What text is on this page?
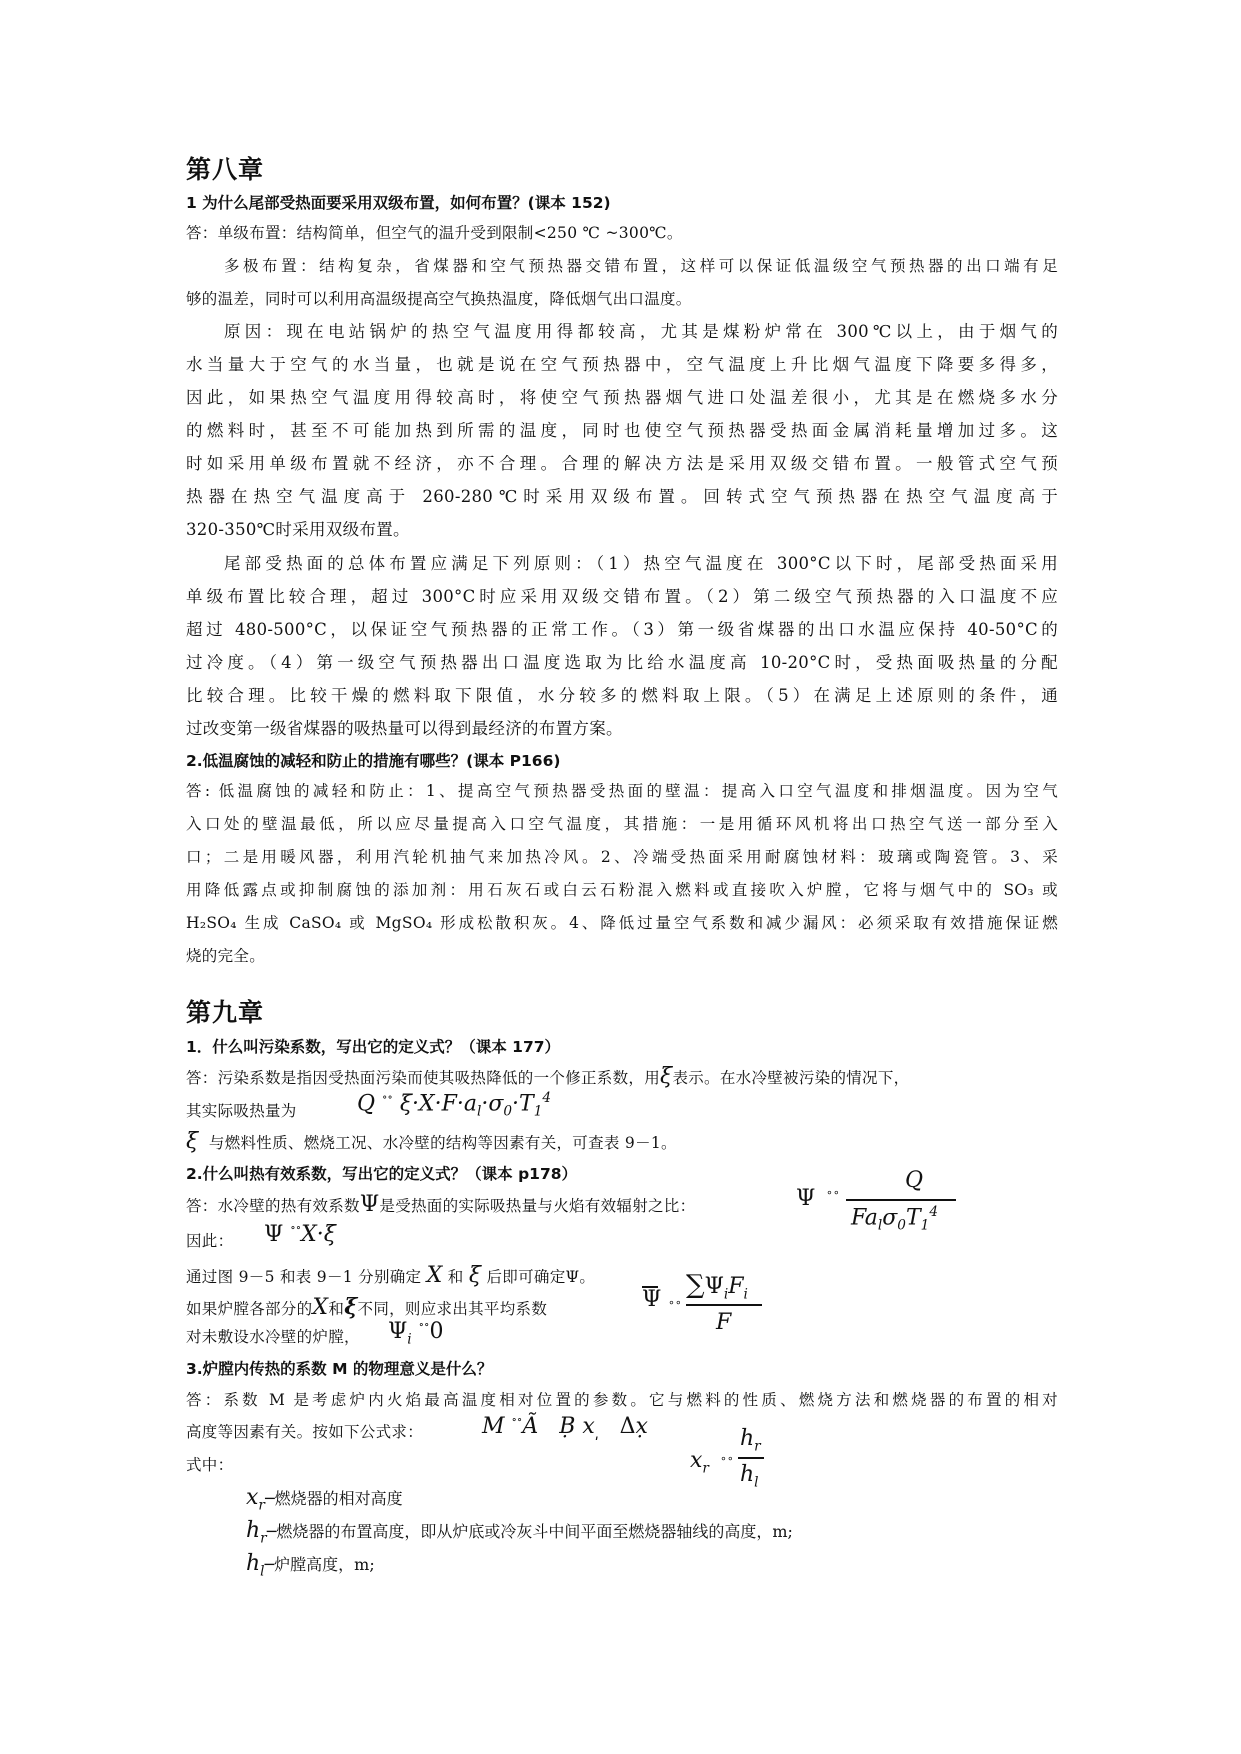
第八章
1 为什么尾部受热面要采用双级布置，如何布置？(课本 152)
答：单级布置：结构简单，但空气的温升受到限制<250 ℃ ~300℃。
多极布置：结构复杂，省煤器和空气预热器交错布置，这样可以保证低温级空气预热器的出口端有足
够的温差，同时可以利用高温级提高空气换热温度，降低烟气出口温度。
原因：现在电站锅炉的热空气温度用得都较高，尤其是煤粉炉常在 300℃以上，由于烟气的
水当量大于空气的水当量，也就是说在空气预热器中，空气温度上升比烟气温度下降要多得多，
因此，如果热空气温度用得较高时，将使空气预热器烟气进口处温差很小，尤其是在燃烧多水分
的燃料时，甚至不可能加热到所需的温度，同时也使空气预热器受热面金属消耗量增加过多。这
时如采用单级布置就不经济，亦不合理。合理的解决方法是采用双级交错布置。一般管式空气预
热器在热空气温度高于 260-280℃时采用双级布置。回转式空气预热器在热空气温度高于
320-350℃时采用双级布置。
尾部受热面的总体布置应满足下列原则：（1）热空气温度在 300°C以下时，尾部受热面采用
单级布置比较合理，超过 300°C时应采用双级交错布置。（2）第二级空气预热器的入口温度不应
超过 480-500°C，以保证空气预热器的正常工作。（3）第一级省煤器的出口水温应保持 40-50°C的
过冷度。（4）第一级空气预热器出口温度选取为比给水温度高 10-20°C时，受热面吸热量的分配
比较合理。比较干燥的燃料取下限值，水分较多的燃料取上限。（5）在满足上述原则的条件，通
过改变第一级省煤器的吸热量可以得到最经济的布置方案。
2.低温腐蚀的减轻和防止的措施有哪些？(课本 P166)
答: 低温腐蚀的减轻和防止：1、提高空气预热器受热面的壁温：提高入口空气温度和排烟温度。因为空气
入口处的壁温最低，所以应尽量提高入口空气温度，其措施：一是用循环风机将出口热空气送一部分至入
口；二是用暖风器，利用汽轮机抽气来加热冷风。2、冷端受热面采用耐腐蚀材料：玻璃或陶瓷管。3、采
用降低露点或抑制腐蚀的添加剂：用石灰石或白云石粉混入燃料或直接吹入炉膛，它将与烟气中的 SO₃ 或
H₂SO₄ 生成 CaSO₄ 或 MgSO₄ 形成松散积灰。4、降低过量空气系数和减少漏风：必须采取有效措施保证燃
烧的完全。
第九章
1．什么叫污染系数，写出它的定义式？（课本 177）
答：污染系数是指因受热面污染而使其吸热降低的一个修正系数，用ξ表示。在水冷壁被污染的情况下，
其实际吸热量为	Q ∘∘ $\xi\cdot X\cdot F\cdot a_l\cdot\sigma_0\cdot T_1^4$
ξ 与燃料性质、燃烧工况、水冷壁的结构等因素有关，可查表 9－1。
2.什么叫热有效系数，写出它的定义式？（课本 p178）
答：水冷壁的热有效系数Ψ是受热面的实际吸热量与火焰有效辐射之比：	Ψ ∘∘	Q
$Fa_l\sigma_0T_1^4$
因此：	Ψ ∘∘X·ξ
通过图 9－5 和表 9－1 分别确定 X 和 ξ 后即可确定Ψ。
如果炉膛各部分的X和ξ不同，则应求出其平均系数	Ψ ∘∘
$\sum\Psi_iF_i$
F
对未敷设水冷壁的炉膛，	$\Psi_i$ ∘∘0
3.炉膛内传热的系数 M 的物理意义是什么？
答：系数 M 是考虑炉内火焰最高温度相对位置的参数。它与燃料的性质、燃烧方法和燃烧器的布置的相对
高度等因素有关。按如下公式求：	M ∘∘Ã   Ḅ $x_ˌ$ Δx̣
式中：	$x_r$
∘∘
$h_r$
$h_l$
$x_r─$燃烧器的相对高度
$h_r─$燃烧器的布置高度，即从炉底或冷灰斗中间平面至燃烧器轴线的高度，m;
$h_l─$炉膛高度，m;
